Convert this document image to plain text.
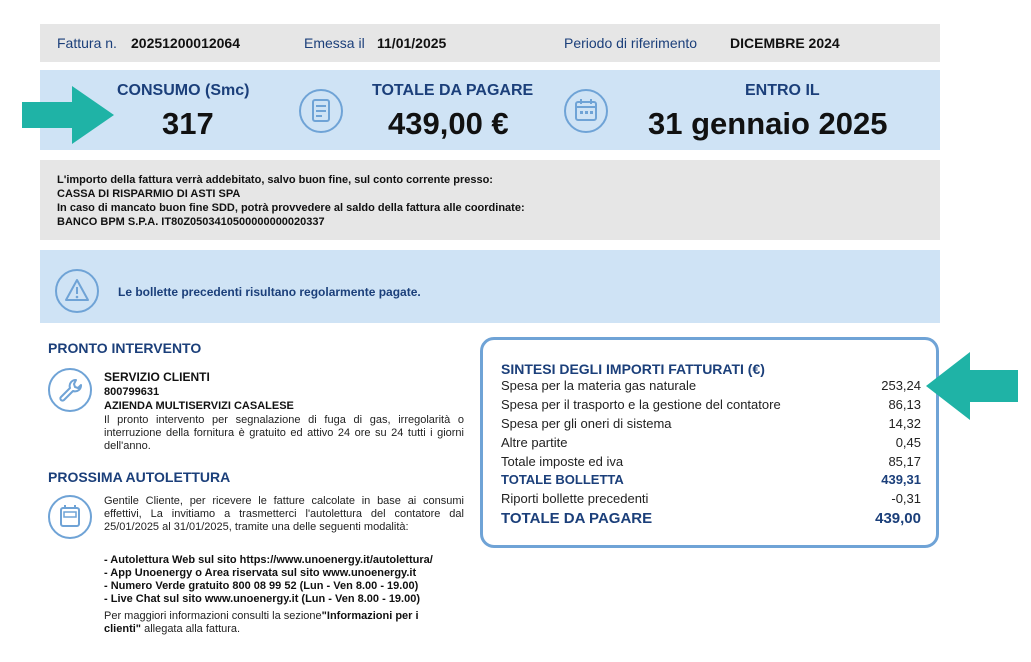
Fattura n. 20251200012064	Emessa il 11/01/2025	Periodo di riferimento DICEMBRE 2024
CONSUMO (Smc)
317
TOTALE DA PAGARE
439,00 €
ENTRO IL
31 gennaio 2025
L'importo della fattura verrà addebitato, salvo buon fine, sul conto corrente presso:
CASSA DI RISPARMIO DI ASTI SPA
In caso di mancato buon fine SDD, potrà provvedere al saldo della fattura alle coordinate:
BANCO BPM S.P.A. IT80Z0503410500000000020337
Le bollette precedenti risultano regolarmente pagate.
PRONTO INTERVENTO
SERVIZIO CLIENTI
800799631
AZIENDA MULTISERVIZI CASALESE
Il pronto intervento per segnalazione di fuga di gas, irregolarità o interruzione della fornitura è gratuito ed attivo 24 ore su 24 tutti i giorni dell'anno.
PROSSIMA AUTOLETTURA
Gentile Cliente, per ricevere le fatture calcolate in base ai consumi effettivi, La invitiamo a trasmetterci l'autolettura del contatore dal 25/01/2025 al 31/01/2025, tramite una delle seguenti modalità:
- Autolettura Web sul sito https://www.unoenergy.it/autolettura/
- App Unoenergy o Area riservata sul sito www.unoenergy.it
- Numero Verde gratuito 800 08 99 52 (Lun - Ven 8.00 - 19.00)
- Live Chat sul sito www.unoenergy.it (Lun - Ven 8.00 - 19.00)
Per maggiori informazioni consulti la sezione"Informazioni per i
clienti" allegata alla fattura.
SINTESI DEGLI IMPORTI FATTURATI (€)
Spesa per la materia gas naturale	253,24
Spesa per il trasporto e la gestione del contatore	86,13
Spesa per gli oneri di sistema	14,32
Altre partite	0,45
Totale imposte ed iva	85,17
TOTALE BOLLETTA	439,31
Riporti bollette precedenti	-0,31
TOTALE DA PAGARE	439,00
